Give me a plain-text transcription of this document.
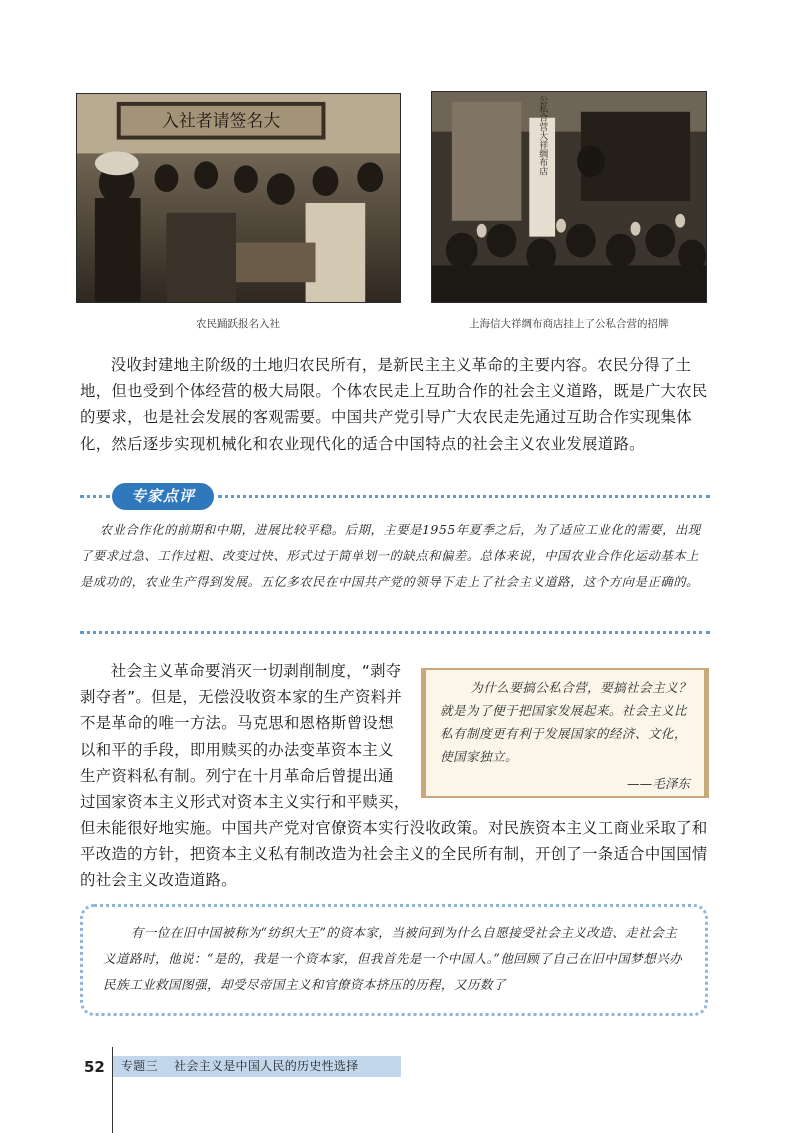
入社者请签名大
农民踊跃报名入社
公私合营大祥绸布店
上海信大祥绸布商店挂上了公私合营的招牌

没收封建地主阶级的土地归农民所有，是新民主主义革命的主要内容。农民分得了土地，但也受到个体经营的极大局限。个体农民走上互助合作的社会主义道路，既是广大农民的要求，也是社会发展的客观需要。中国共产党引导广大农民走先通过互助合作实现集体化，然后逐步实现机械化和农业现代化的适合中国特点的社会主义农业发展道路。

专家点评

农业合作化的前期和中期，进展比较平稳。后期，主要是1955年夏季之后，为了适应工业化的需要，出现了要求过急、工作过粗、改变过快、形式过于简单划一的缺点和偏差。总体来说，中国农业合作化运动基本上是成功的，农业生产得到发展。五亿多农民在中国共产党的领导下走上了社会主义道路，这个方向是正确的。

社会主义革命要消灭一切剥削制度，“剥夺

剥夺者”。但是，无偿没收资本家的生产资料并

不是革命的唯一方法。马克思和恩格斯曾设想

以和平的手段，即用赎买的办法变革资本主义

生产资料私有制。列宁在十月革命后曾提出通

过国家资本主义形式对资本主义实行和平赎买，

但未能很好地实施。中国共产党对官僚资本实行没收政策。对民族资本主义工商业采取了和平改造的方针，把资本主义私有制改造为社会主义的全民所有制，开创了一条适合中国国情的社会主义改造道路。

为什么要搞公私合营，要搞社会主义？

就是为了便于把国家发展起来。社会主义比私有制度更有利于发展国家的经济、文化，使国家独立。

——毛泽东

有一位在旧中国被称为“纺织大王”的资本家，当被问到为什么自愿接受社会主义改造、走社会主义道路时，他说：“是的，我是一个资本家，但我首先是一个中国人。”他回顾了自己在旧中国梦想兴办民族工业救国图强，却受尽帝国主义和官僚资本挤压的历程，又历数了

52	专题三 社会主义是中国人民的历史性选择
